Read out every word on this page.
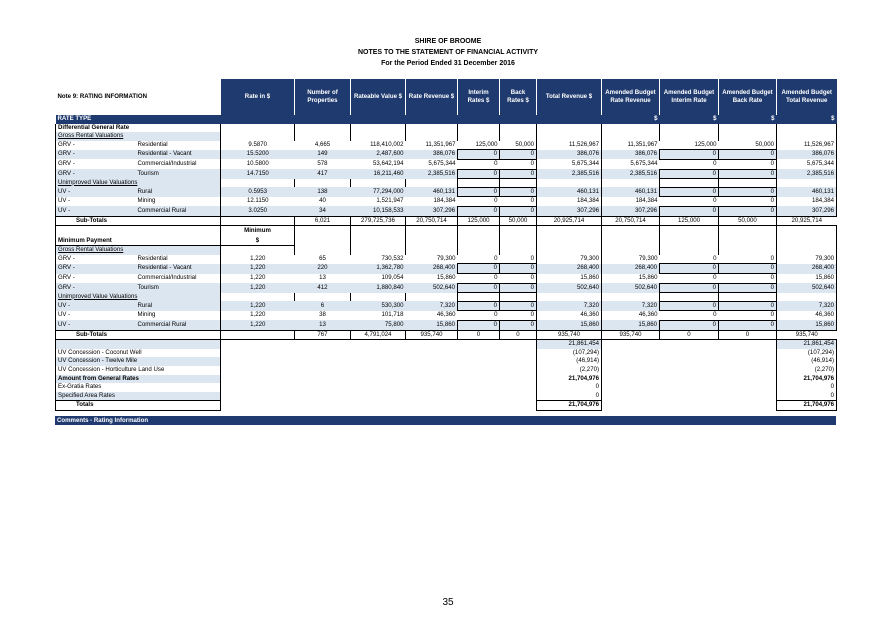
SHIRE OF BROOME
NOTES TO THE STATEMENT OF FINANCIAL ACTIVITY
For the Period Ended 31 December 2016
Note 9: RATING INFORMATION		Rate in $	Number of Properties	Rateable Value $	Rate Revenue $	Interim Rates $	Back Rates $	Total Revenue $	Amended Budget Rate Revenue	Amended Budget Interim Rate	Amended Budget Back Rate	Amended Budget Total Revenue
RATE TYPE									$	$	$	$
Differential General Rate												
Gross Rental Valuations												
GRV -	Residential	9.5870	4,665	118,410,002	11,351,967	125,000	50,000	11,526,967	11,351,967	125,000	50,000	11,526,967
GRV -	Residential - Vacant	15.5200	149	2,487,600	386,076	0	0	386,076	386,076	0	0	386,076
GRV -	Commercial/Industrial	10.5800	578	53,642,194	5,675,344	0	0	5,675,344	5,675,344	0	0	5,675,344
GRV -	Tourism	14.7150	417	16,211,460	2,385,516	0	0	2,385,516	2,385,516	0	0	2,385,516
Unimproved Value Valuations												
UV -	Rural	0.5953	138	77,294,000	460,131	0	0	460,131	460,131	0	0	460,131
UV -	Mining	12.1150	40	1,521,947	184,384	0	0	184,384	184,384	0	0	184,384
UV -	Commercial Rural	3.0250	34	10,158,533	307,296	0	0	307,296	307,296	0	0	307,296
Sub-Totals			6,021	279,725,736	20,750,714	125,000	50,000	20,925,714	20,750,714	125,000	50,000	20,925,714
		Minimum										
Minimum Payment		$										
Gross Rental Valuations												
GRV -	Residential	1,220	65	730,532	79,300	0	0	79,300	79,300	0	0	79,300
GRV -	Residential - Vacant	1,220	220	1,362,780	268,400	0	0	268,400	268,400	0	0	268,400
GRV -	Commercial/Industrial	1,220	13	109,054	15,860	0	0	15,860	15,860	0	0	15,860
GRV -	Tourism	1,220	412	1,880,840	502,640	0	0	502,640	502,640	0	0	502,640
Unimproved Value Valuations												
UV -	Rural	1,220	6	530,300	7,320	0	0	7,320	7,320	0	0	7,320
UV -	Mining	1,220	38	101,718	46,360	0	0	46,360	46,360	0	0	46,360
UV -	Commercial Rural	1,220	13	75,800	15,860	0	0	15,860	15,860	0	0	15,860
Sub-Totals			767	4,791,024	935,740	0	0	935,740	935,740	0	0	935,740
								21,861,454				21,861,454
UV Concession - Coconut Well								(107,294)				(107,294)
UV Concession - Twelve Mile								(46,914)				(46,914)
UV Concession - Horticulture Land Use								(2,270)				(2,270)
Amount from General Rates								21,704,976				21,704,976
Ex-Gratia Rates								0				0
Specified Area Rates								0				0
Totals								21,704,976				21,704,976
Comments - Rating Information
35
